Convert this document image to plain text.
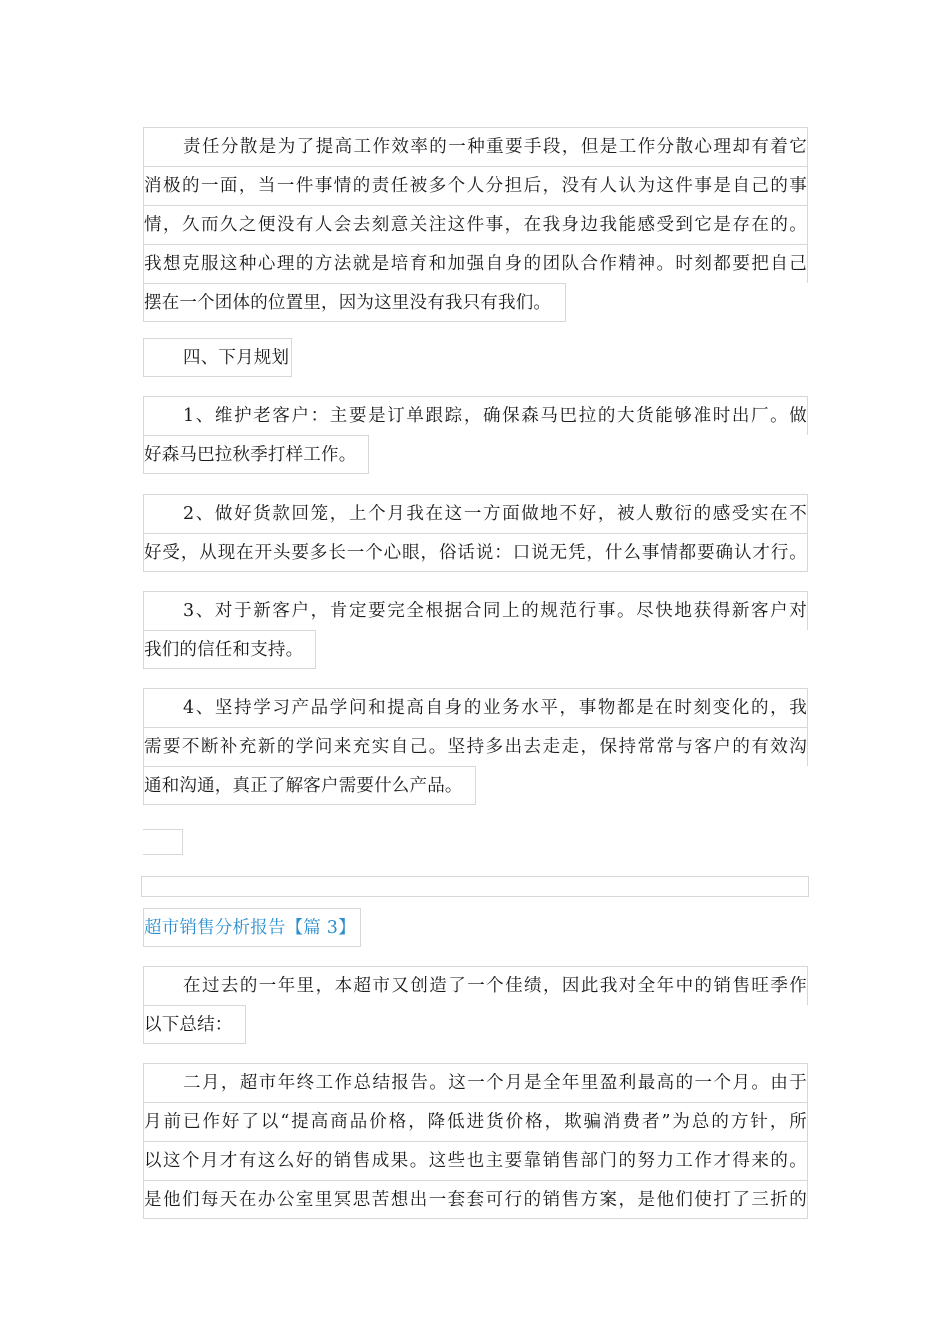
责任分散是为了提高工作效率的一种重要手段，但是工作分散心理却有着它
消极的一面，当一件事情的责任被多个人分担后，没有人认为这件事是自己的事
情，久而久之便没有人会去刻意关注这件事，在我身边我能感受到它是存在的。
我想克服这种心理的方法就是培育和加强自身的团队合作精神。时刻都要把自己
摆在一个团体的位置里，因为这里没有我只有我们。
四、下月规划
1、维护老客户：主要是订单跟踪，确保森马巴拉的大货能够准时出厂。做
好森马巴拉秋季打样工作。
2、做好货款回笼，上个月我在这一方面做地不好，被人敷衍的感受实在不
好受，从现在开头要多长一个心眼，俗话说：口说无凭，什么事情都要确认才行。
3、对于新客户，肯定要完全根据合同上的规范行事。尽快地获得新客户对
我们的信任和支持。
4、坚持学习产品学问和提高自身的业务水平，事物都是在时刻变化的，我
需要不断补充新的学问来充实自己。坚持多出去走走，保持常常与客户的有效沟
通和沟通，真正了解客户需要什么产品。
超市销售分析报告【篇 3】
在过去的一年里，本超市又创造了一个佳绩，因此我对全年中的销售旺季作
以下总结：
二月，超市年终工作总结报告。这一个月是全年里盈利最高的一个月。由于
月前已作好了以“提高商品价格，降低进货价格，欺骗消费者”为总的方针，所
以这个月才有这么好的销售成果。这些也主要靠销售部门的努力工作才得来的。
是他们每天在办公室里冥思苦想出一套套可行的销售方案，是他们使打了三折的
